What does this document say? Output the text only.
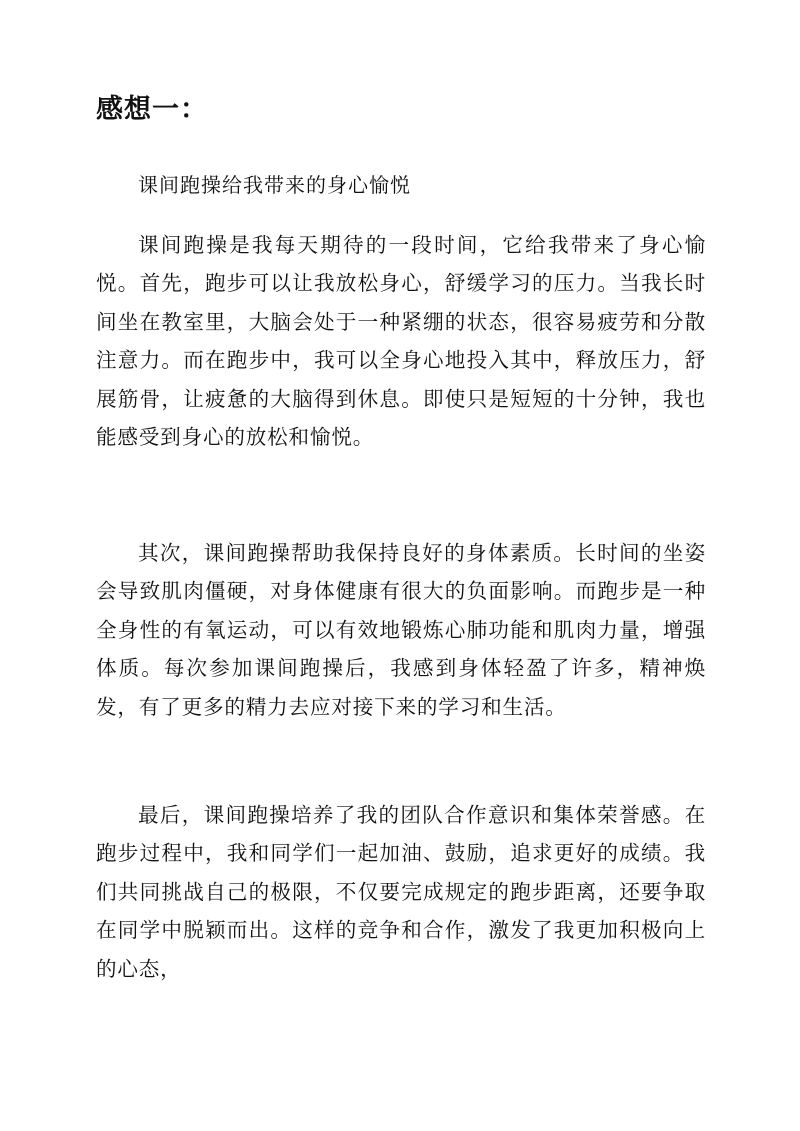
感想一：

课间跑操给我带来的身心愉悦

课间跑操是我每天期待的一段时间，它给我带来了身心愉悦。首先，跑步可以让我放松身心，舒缓学习的压力。当我长时间坐在教室里，大脑会处于一种紧绷的状态，很容易疲劳和分散注意力。而在跑步中，我可以全身心地投入其中，释放压力，舒展筋骨，让疲惫的大脑得到休息。即使只是短短的十分钟，我也能感受到身心的放松和愉悦。

其次，课间跑操帮助我保持良好的身体素质。长时间的坐姿会导致肌肉僵硬，对身体健康有很大的负面影响。而跑步是一种全身性的有氧运动，可以有效地锻炼心肺功能和肌肉力量，增强体质。每次参加课间跑操后，我感到身体轻盈了许多，精神焕发，有了更多的精力去应对接下来的学习和生活。

最后，课间跑操培养了我的团队合作意识和集体荣誉感。在跑步过程中，我和同学们一起加油、鼓励，追求更好的成绩。我们共同挑战自己的极限，不仅要完成规定的跑步距离，还要争取在同学中脱颖而出。这样的竞争和合作，激发了我更加积极向上的心态，
